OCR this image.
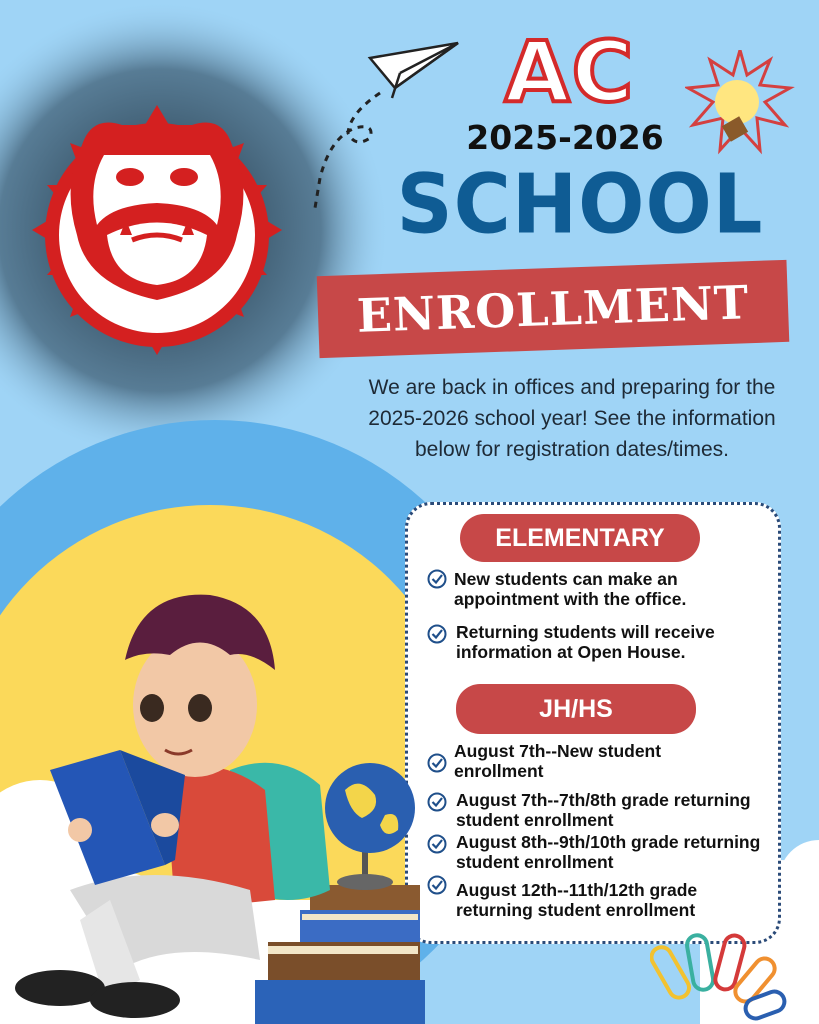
AC
AC
2025-2026
SCHOOL
ENROLLMENT
We are back in offices and preparing for the 2025-2026 school year! See the information below for registration dates/times.
ELEMENTARY
New students can make an appointment with the office.
Returning students will receive information at Open House.
JH/HS
August 7th--New student enrollment
August 7th--7th/8th grade returning student enrollment
August 8th--9th/10th grade returning student enrollment
August 12th--11th/12th grade returning student enrollment
